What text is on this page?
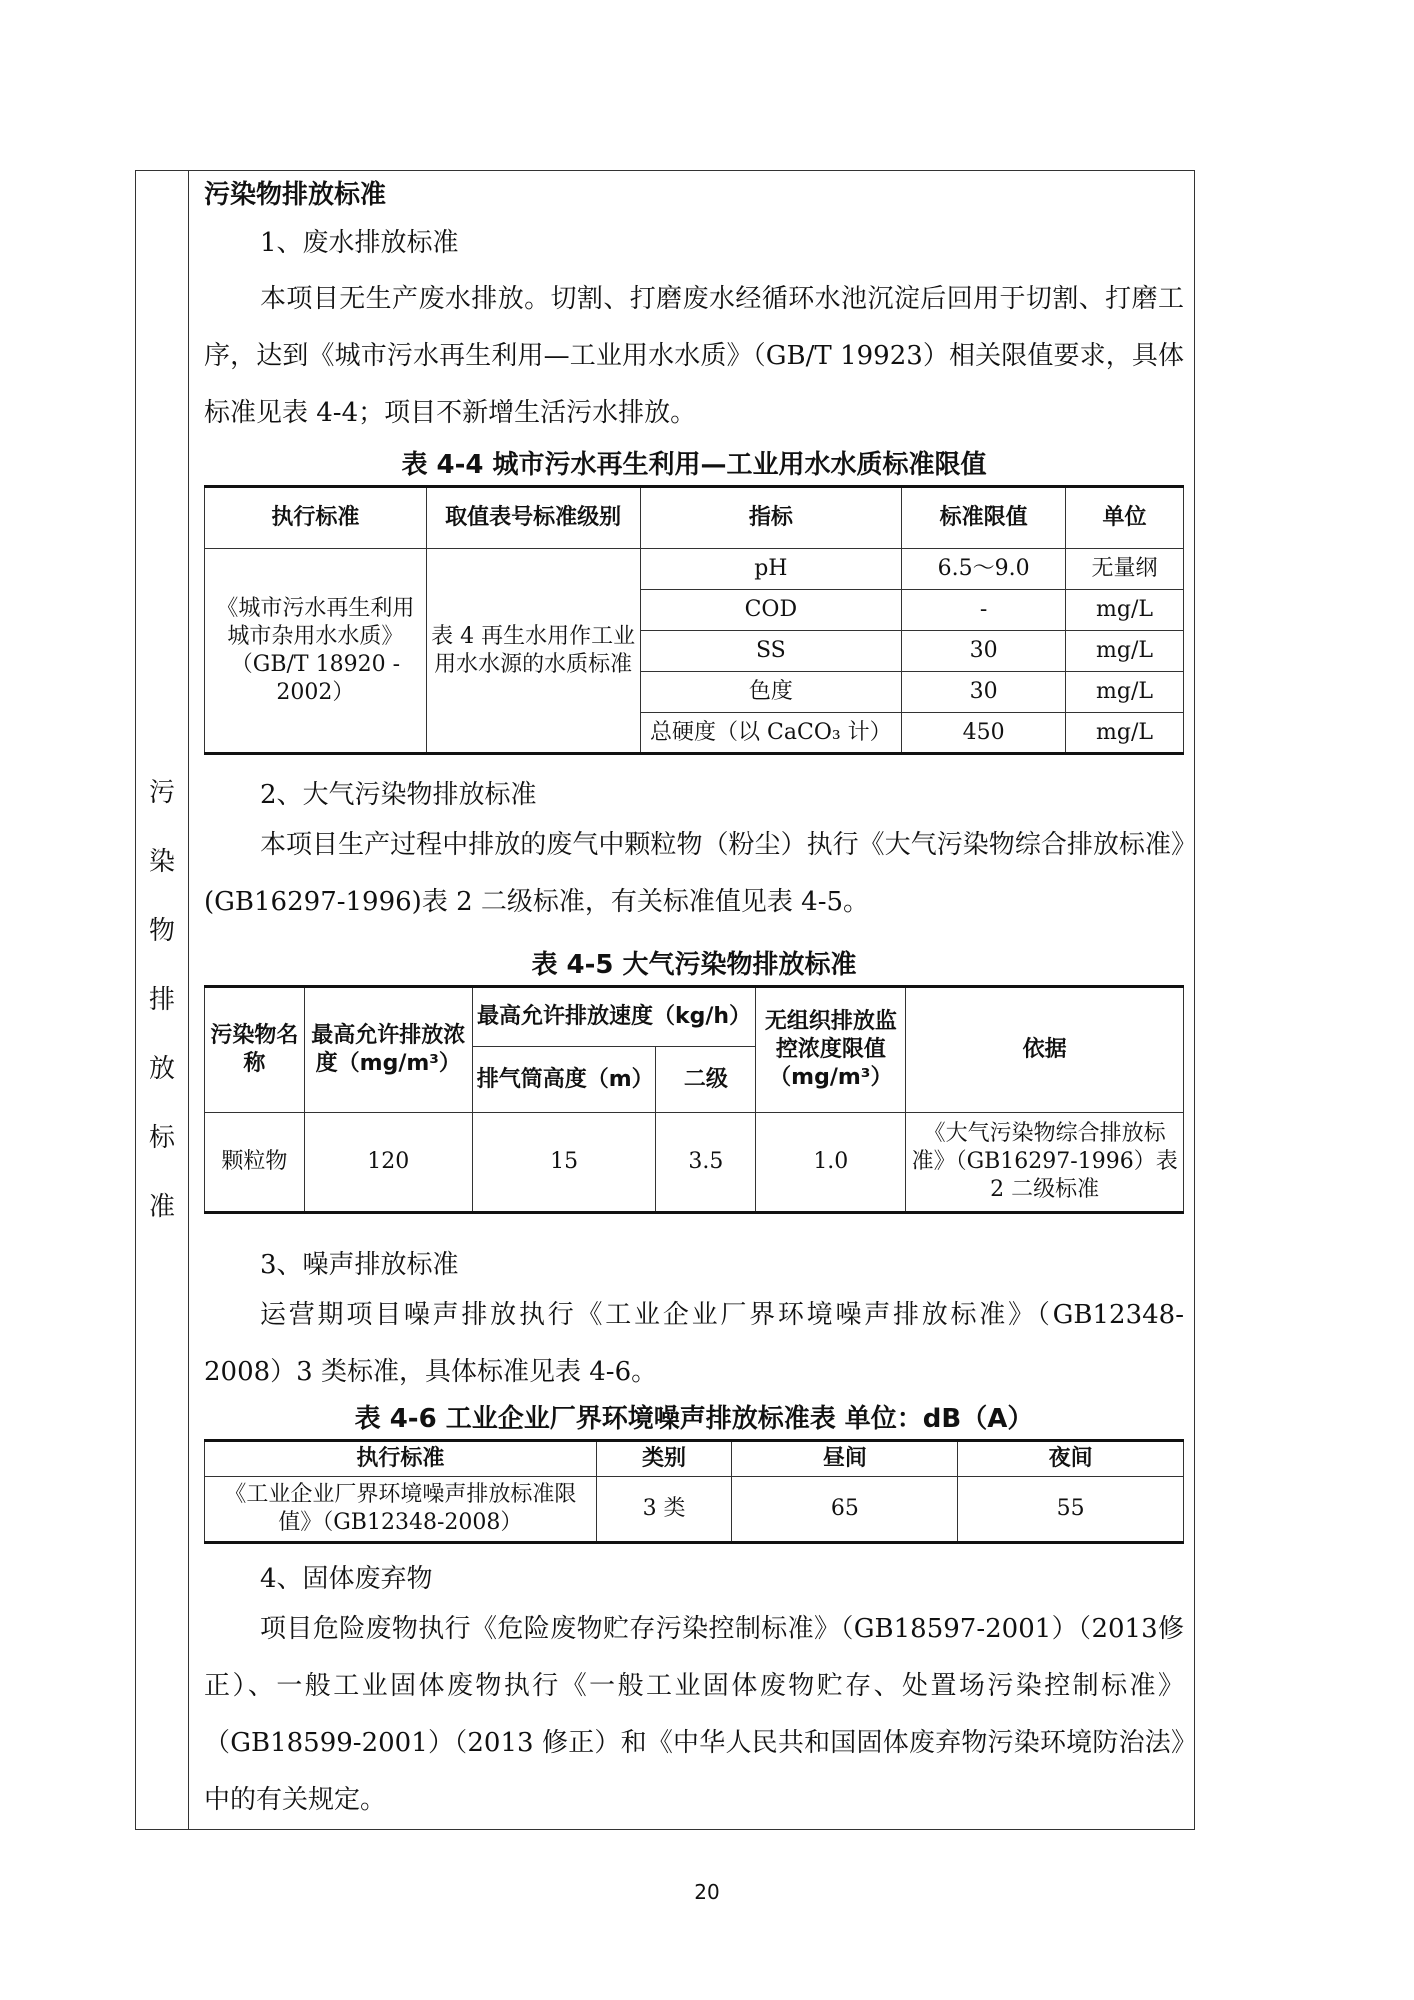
污
染
物
排
放
标
准
污染物排放标准
1、废水排放标准
本项目无生产废水排放。切割、打磨废水经循环水池沉淀后回用于切割、打磨工序，达到《城市污水再生利用—工业用水水质》（GB/T 19923）相关限值要求，具体标准见表 4-4；项目不新增生活污水排放。
表 4-4 城市污水再生利用—工业用水水质标准限值
执行标准	取值表号标准级别	指标	标准限值	单位
《城市污水再生利用城市杂用水水质》（GB/T 18920 - 2002）	表 4 再生水用作工业用水水源的水质标准	pH	6.5～9.0	无量纲
		COD	-	mg/L
		SS	30	mg/L
		色度	30	mg/L
		总硬度（以 CaCO₃ 计）	450	mg/L
2、大气污染物排放标准
本项目生产过程中排放的废气中颗粒物（粉尘）执行《大气污染物综合排放标准》(GB16297-1996)表 2 二级标准，有关标准值见表 4-5。
表 4-5 大气污染物排放标准
污染物名称	最高允许排放浓度（mg/m³）	最高允许排放速度（kg/h）		无组织排放监控浓度限值（mg/m³）	依据
		排气筒高度（m）	二级		
颗粒物	120	15	3.5	1.0	《大气污染物综合排放标准》（GB16297-1996）表 2 二级标准
3、噪声排放标准
运营期项目噪声排放执行《工业企业厂界环境噪声排放标准》（GB12348-2008）3 类标准，具体标准见表 4-6。
表 4-6 工业企业厂界环境噪声排放标准表 单位：dB（A）
执行标准	类别	昼间	夜间
《工业企业厂界环境噪声排放标准限值》（GB12348-2008）	3 类	65	55
4、固体废弃物
项目危险废物执行《危险废物贮存污染控制标准》（GB18597-2001）（2013修正）、一般工业固体废物执行《一般工业固体废物贮存、处置场污染控制标准》（GB18599-2001）（2013 修正）和《中华人民共和国固体废弃物污染环境防治法》中的有关规定。
20
